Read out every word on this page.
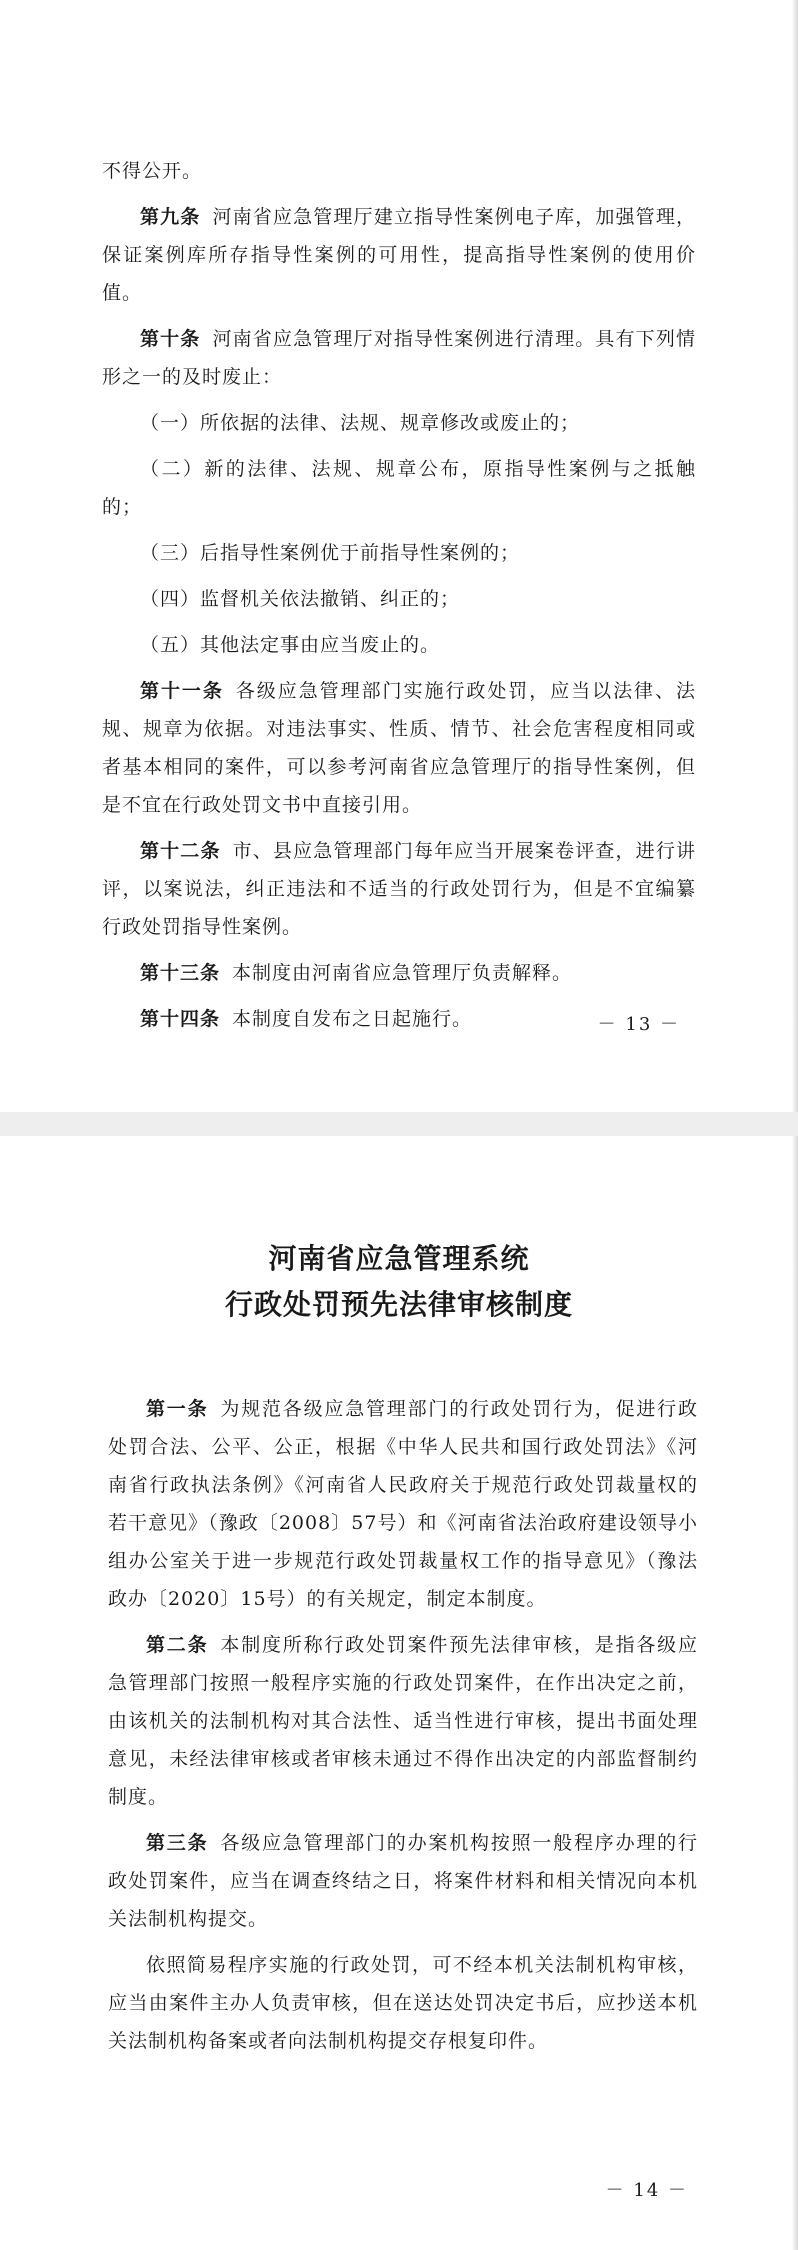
不得公开。

第九条 河南省应急管理厅建立指导性案例电子库，加强管理，保证案例库所存指导性案例的可用性，提高指导性案例的使用价值。

第十条 河南省应急管理厅对指导性案例进行清理。具有下列情形之一的及时废止：

（一）所依据的法律、法规、规章修改或废止的；

（二）新的法律、法规、规章公布，原指导性案例与之抵触的；

（三）后指导性案例优于前指导性案例的；

（四）监督机关依法撤销、纠正的；

（五）其他法定事由应当废止的。

第十一条 各级应急管理部门实施行政处罚，应当以法律、法规、规章为依据。对违法事实、性质、情节、社会危害程度相同或者基本相同的案件，可以参考河南省应急管理厅的指导性案例，但是不宜在行政处罚文书中直接引用。

第十二条 市、县应急管理部门每年应当开展案卷评查，进行讲评，以案说法，纠正违法和不适当的行政处罚行为，但是不宜编纂行政处罚指导性案例。

第十三条 本制度由河南省应急管理厅负责解释。

第十四条 本制度自发布之日起施行。	－ 13 －
河南省应急管理系统
行政处罚预先法律审核制度

第一条 为规范各级应急管理部门的行政处罚行为，促进行政处罚合法、公平、公正，根据《中华人民共和国行政处罚法》《河南省行政执法条例》《河南省人民政府关于规范行政处罚裁量权的若干意见》（豫政〔2008〕57号）和《河南省法治政府建设领导小组办公室关于进一步规范行政处罚裁量权工作的指导意见》（豫法政办〔2020〕15号）的有关规定，制定本制度。

第二条 本制度所称行政处罚案件预先法律审核，是指各级应急管理部门按照一般程序实施的行政处罚案件，在作出决定之前，由该机关的法制机构对其合法性、适当性进行审核，提出书面处理意见，未经法律审核或者审核未通过不得作出决定的内部监督制约制度。

第三条 各级应急管理部门的办案机构按照一般程序办理的行政处罚案件，应当在调查终结之日，将案件材料和相关情况向本机关法制机构提交。

依照简易程序实施的行政处罚，可不经本机关法制机构审核，应当由案件主办人负责审核，但在送达处罚决定书后，应抄送本机关法制机构备案或者向法制机构提交存根复印件。

－ 14 －
